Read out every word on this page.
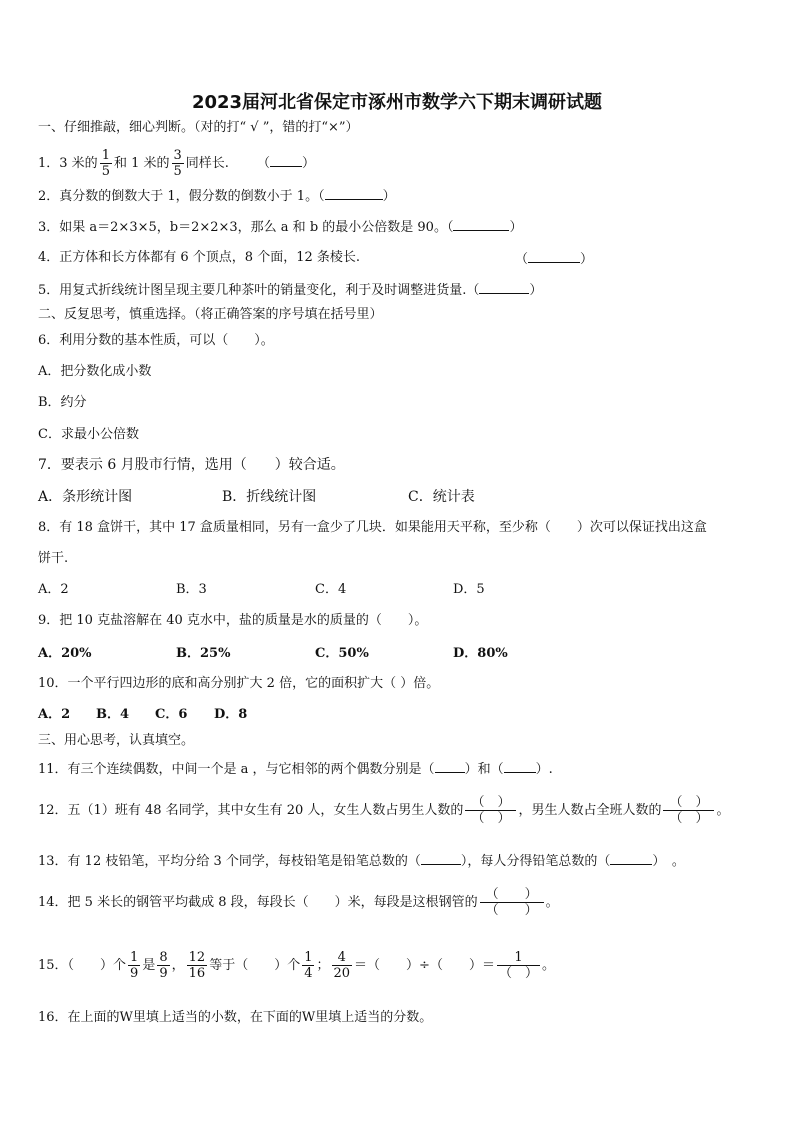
2023届河北省保定市涿州市数学六下期末调研试题
一、仔细推敲，细心判断。（对的打“ √ ”，错的打“×”）
1．3 米的 $\frac{1}{5}$ 和 1 米的 $\frac{3}{5}$ 同样长. （ ）
2．真分数的倒数大于 1，假分数的倒数小于 1。（	）
3．如果 a＝2×3×5，b＝2×2×3，那么 a 和 b 的最小公倍数是 90。（	）
4．正方体和长方体都有 6 个顶点，8 个面，12 条棱长.	（	）
5．用复式折线统计图呈现主要几种茶叶的销量变化，利于及时调整进货量.（	）
二、反复思考，慎重选择。（将正确答案的序号填在括号里）
6．利用分数的基本性质，可以（　　）。
A．把分数化成小数
B．约分
C．求最小公倍数
7．要表示 6 月股市行情，选用（　　）较合适。
A．条形统计图	B．折线统计图	C．统计表
8．有 18 盒饼干，其中 17 盒质量相同，另有一盒少了几块．如果能用天平称，至少称（　　）次可以保证找出这盒
饼干.
A．2	B．3	C．4	D．5
9．把 10 克盐溶解在 40 克水中，盐的质量是水的质量的（　　）。
A．20%	B．25%	C．50%	D．80%
10．一个平行四边形的底和高分别扩大 2 倍，它的面积扩大（ ）倍。
A．2 B．4 C．6 D．8
三、用心思考，认真填空。
11．有三个连续偶数，中间一个是 a ，与它相邻的两个偶数分别是（ ）和（ ）.
12．五（1）班有 48 名同学，其中女生有 20 人，女生人数占男生人数的 $\frac{( )}{( )}$ ，男生人数占全班人数的 $\frac{( )}{( )}$ 。
13．有 12 枝铅笔，平均分给 3 个同学，每枝铅笔是铅笔总数的（	），每人分得铅笔总数的（	）　。
14．把 5 米长的钢管平均截成 8 段，每段长（　　）米，每段是这根钢管的 $\frac{( )}{( )}$ 。
15．（　　）个 $\frac{1}{9}$ 是 $\frac{8}{9}$ ， $\frac{12}{16}$ 等于（　　）个 $\frac{1}{4}$ ； $\frac{4}{20}$ ＝（　　）÷（　　）＝ $\frac{1}{( )}$ 。
16．在上面的W里填上适当的小数，在下面的W里填上适当的分数。
